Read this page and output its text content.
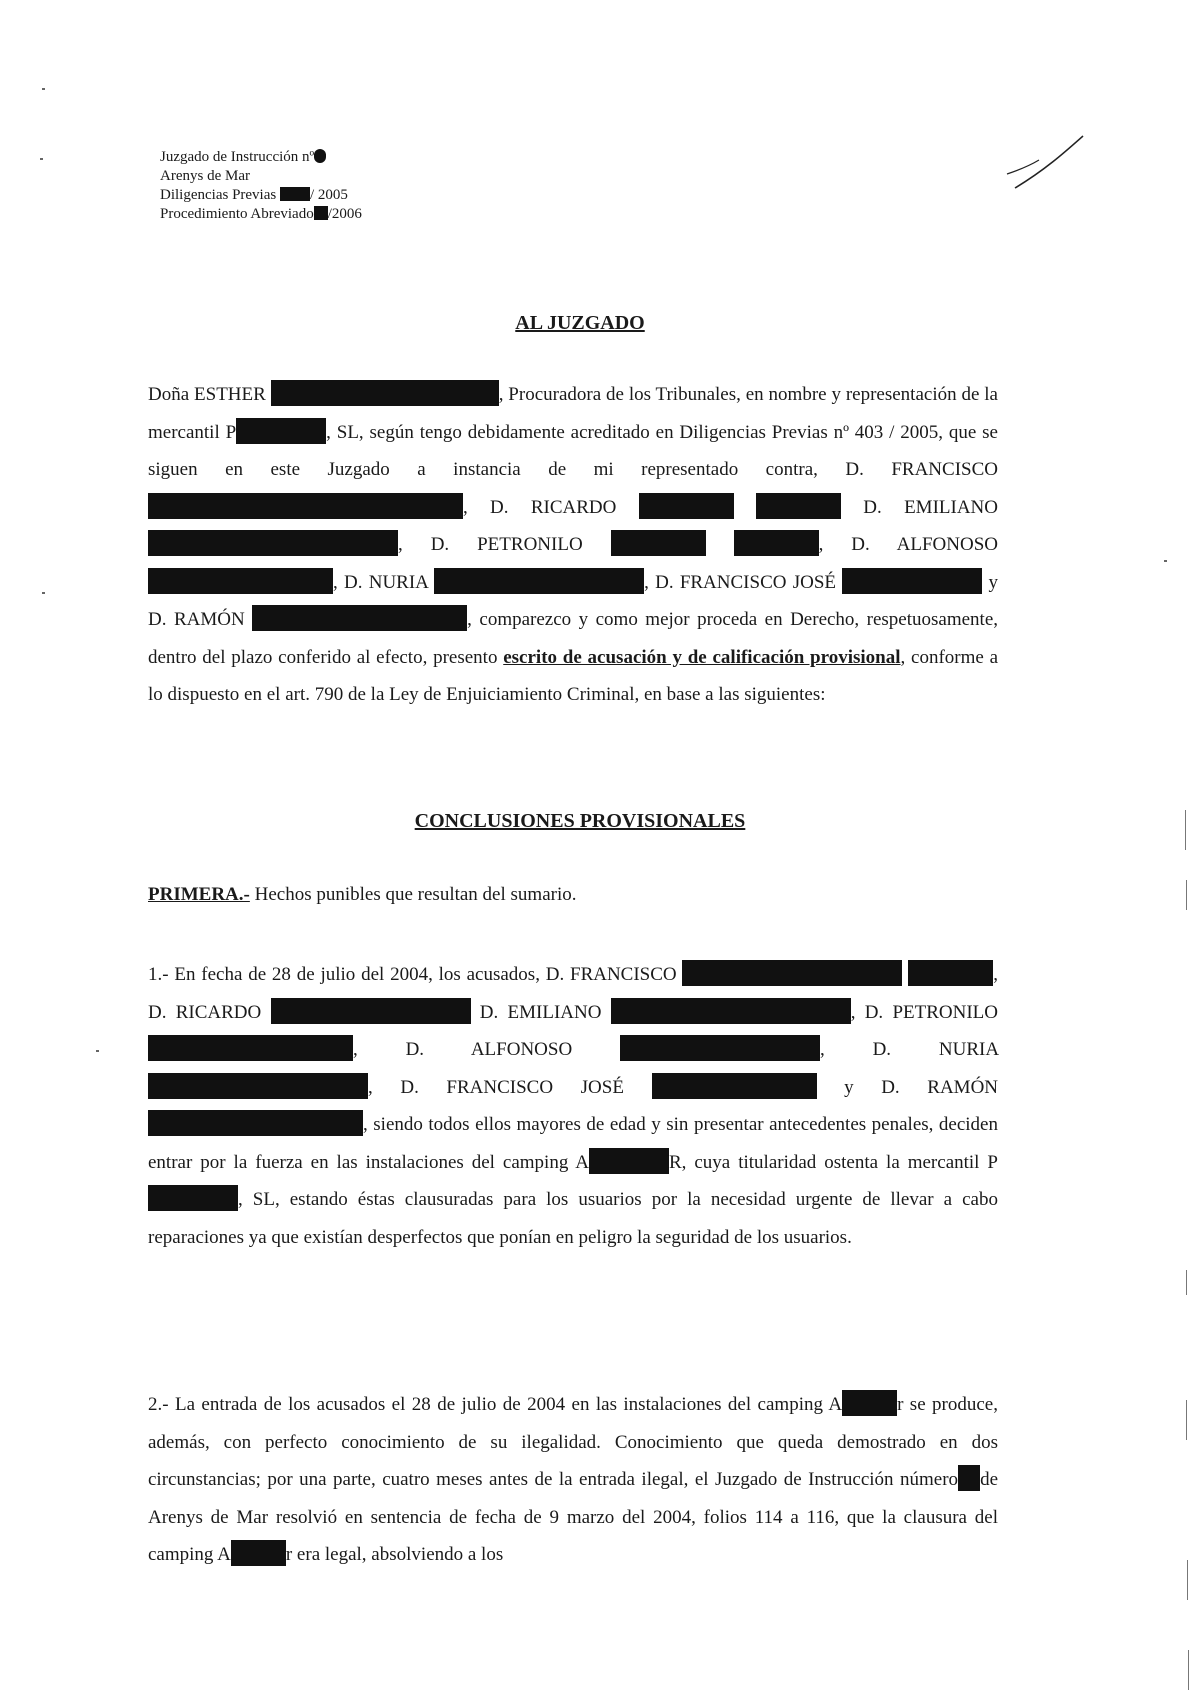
Juzgado de Instrucción nº
Arenys de Mar
Diligencias Previas / 2005
Procedimiento Abreviado /2006
AL JUZGADO
Doña ESTHER	, Procuradora de los Tribunales, en nombre y representación de la mercantil P	, SL, según tengo debidamente acreditado en Diligencias Previas nº 403 / 2005, que se siguen en este Juzgado a instancia de mi representado contra, D. FRANCISCO , D. RICARDO	D. EMILIANO , D. PETRONILO	, D. ALFONOSO , D. NURIA	, D. FRANCISCO JOSÉ	y D. RAMÓN	, comparezco y como mejor proceda en Derecho, respetuosamente, dentro del plazo conferido al efecto, presento escrito de acusación y de calificación provisional, conforme a lo dispuesto en el art. 790 de la Ley de Enjuiciamiento Criminal, en base a las siguientes:
CONCLUSIONES PROVISIONALES
PRIMERA.- Hechos punibles que resultan del sumario.
1.- En fecha de 28 de julio del 2004, los acusados, D. FRANCISCO	, D. RICARDO	D. EMILIANO	, D. PETRONILO , D. ALFONOSO	, D. NURIA , D. FRANCISCO JOSÉ	y D. RAMÓN , siendo todos ellos mayores de edad y sin presentar antecedentes penales, deciden entrar por la fuerza en las instalaciones del camping A	R, cuya titularidad ostenta la mercantil P, SL, estando éstas clausuradas para los usuarios por la necesidad urgente de llevar a cabo reparaciones ya que existían desperfectos que ponían en peligro la seguridad de los usuarios.
2.- La entrada de los acusados el 28 de julio de 2004 en las instalaciones del camping A	r se produce, además, con perfecto conocimiento de su ilegalidad. Conocimiento que queda demostrado en dos circunstancias; por una parte, cuatro meses antes de la entrada ilegal, el Juzgado de Instrucción número de Arenys de Mar resolvió en sentencia de fecha de 9 marzo del 2004, folios 114 a 116, que la clausura del camping A	r era legal, absolviendo a los
